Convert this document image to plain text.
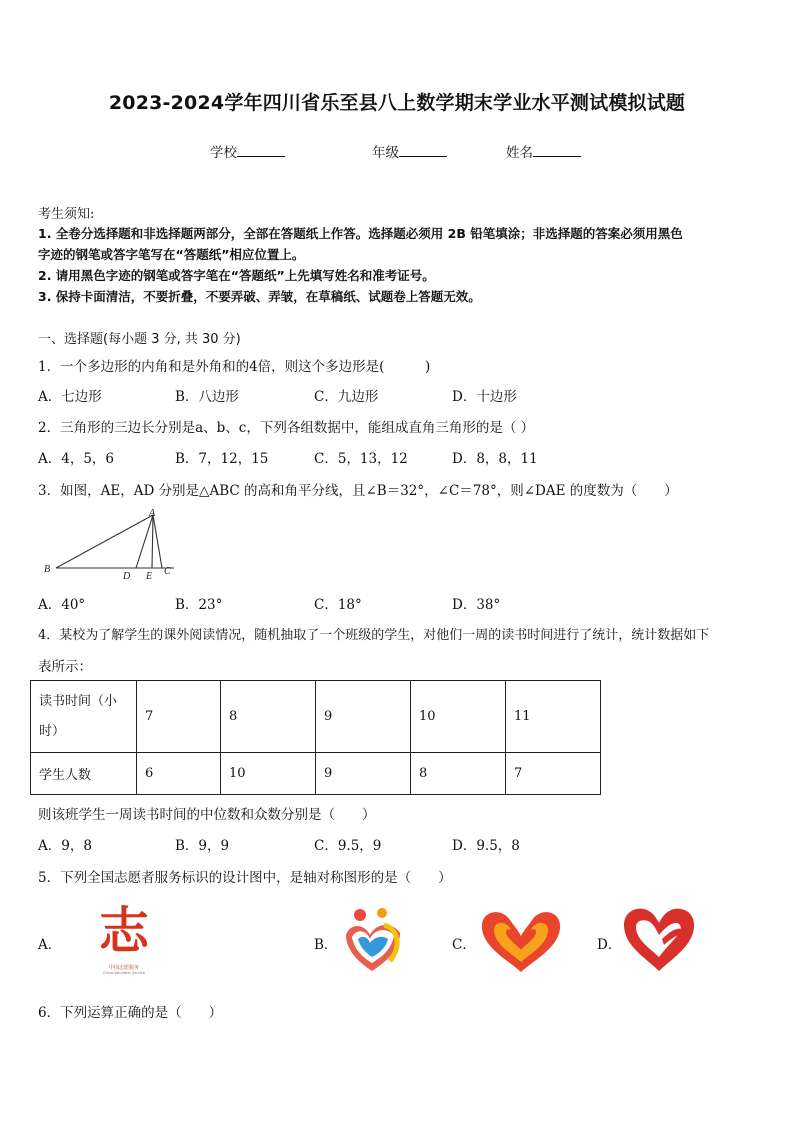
2023-2024学年四川省乐至县八上数学期末学业水平测试模拟试题
学校	年级	姓名
考生须知:
1. 全卷分选择题和非选择题两部分，全部在答题纸上作答。选择题必须用 2B 铅笔填涂；非选择题的答案必须用黑色
字迹的钢笔或答字笔写在“答题纸”相应位置上。
2. 请用黑色字迹的钢笔或答字笔在“答题纸”上先填写姓名和准考证号。
3. 保持卡面清洁，不要折叠，不要弄破、弄皱，在草稿纸、试题卷上答题无效。
一、选择题(每小题 3 分, 共 30 分)
1．一个多边形的内角和是外角和的4倍，则这个多边形是(　　　)
A．七边形	B．八边形	C．九边形	D．十边形
2．三角形的三边长分别是a、b、c，下列各组数据中，能组成直角三角形的是（ ）
A．4，5，6	B．7，12，15	C．5，13，12	D．8，8，11
3．如图，AE，AD 分别是△ABC 的高和角平分线，且∠B＝32°，∠C＝78°，则∠DAE 的度数为（　　）
A
B	C
D E
A．40°	B．23°	C．18°	D．38°
4．某校为了解学生的课外阅读情况，随机抽取了一个班级的学生，对他们一周的读书时间进行了统计，统计数据如下
表所示：
读书时间（小
时）	7	8	9	10	11
学生人数	6	10	9	8	7
则该班学生一周读书时间的中位数和众数分别是（　　）
A．9，8	B．9，9	C．9.5，9	D．9.5，8
5．下列全国志愿者服务标识的设计图中，是轴对称图形的是（　　）
A．	B．	C．	D．
志
中国志愿服务
China Volunteer Service
6．下列运算正确的是（　　）
